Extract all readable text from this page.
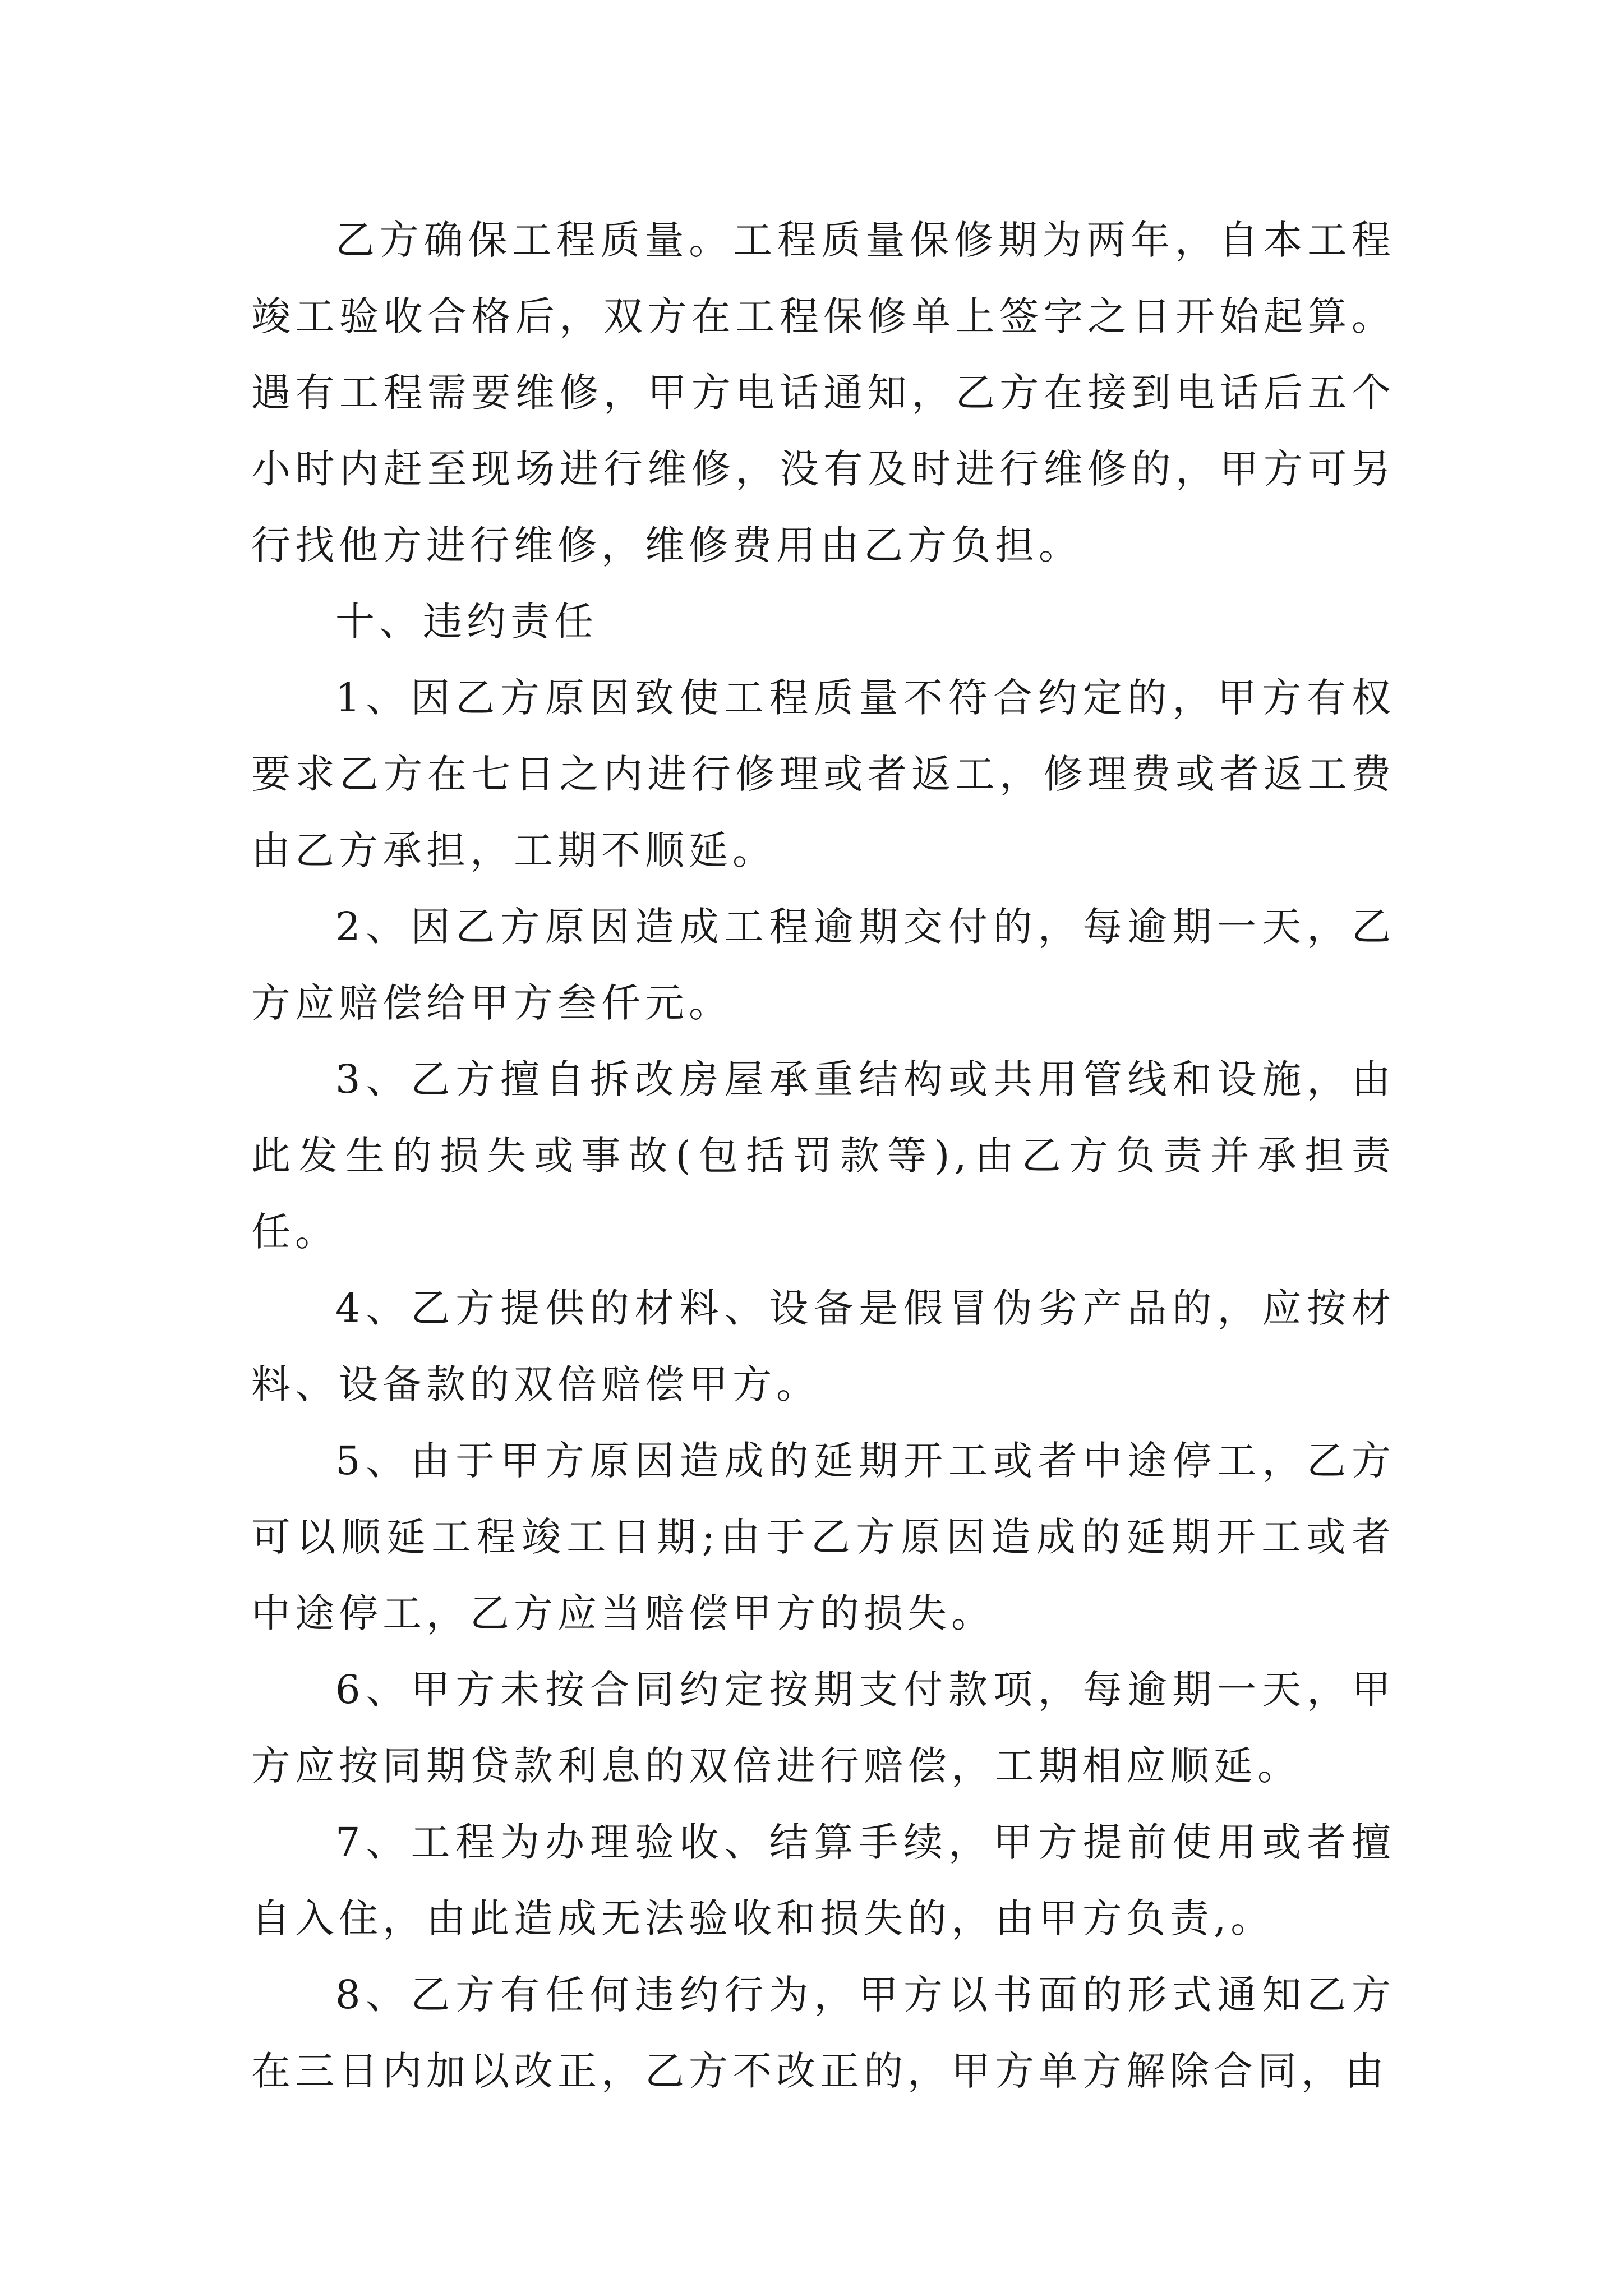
乙方确保工程质量。工程质量保修期为两年，自本工程竣工验收合格后，双方在工程保修单上签字之日开始起算。遇有工程需要维修，甲方电话通知，乙方在接到电话后五个小时内赶至现场进行维修，没有及时进行维修的，甲方可另行找他方进行维修，维修费用由乙方负担。

十、违约责任

1、因乙方原因致使工程质量不符合约定的，甲方有权要求乙方在七日之内进行修理或者返工，修理费或者返工费由乙方承担，工期不顺延。

2、因乙方原因造成工程逾期交付的，每逾期一天，乙方应赔偿给甲方叁仟元。

3、乙方擅自拆改房屋承重结构或共用管线和设施，由此发生的损失或事故(包括罚款等),由乙方负责并承担责任。

4、乙方提供的材料、设备是假冒伪劣产品的，应按材料、设备款的双倍赔偿甲方。

5、由于甲方原因造成的延期开工或者中途停工，乙方可以顺延工程竣工日期;由于乙方原因造成的延期开工或者中途停工，乙方应当赔偿甲方的损失。

6、甲方未按合同约定按期支付款项，每逾期一天，甲方应按同期贷款利息的双倍进行赔偿，工期相应顺延。

7、工程为办理验收、结算手续，甲方提前使用或者擅自入住，由此造成无法验收和损失的，由甲方负责,。

8、乙方有任何违约行为，甲方以书面的形式通知乙方在三日内加以改正，乙方不改正的，甲方单方解除合同，由
